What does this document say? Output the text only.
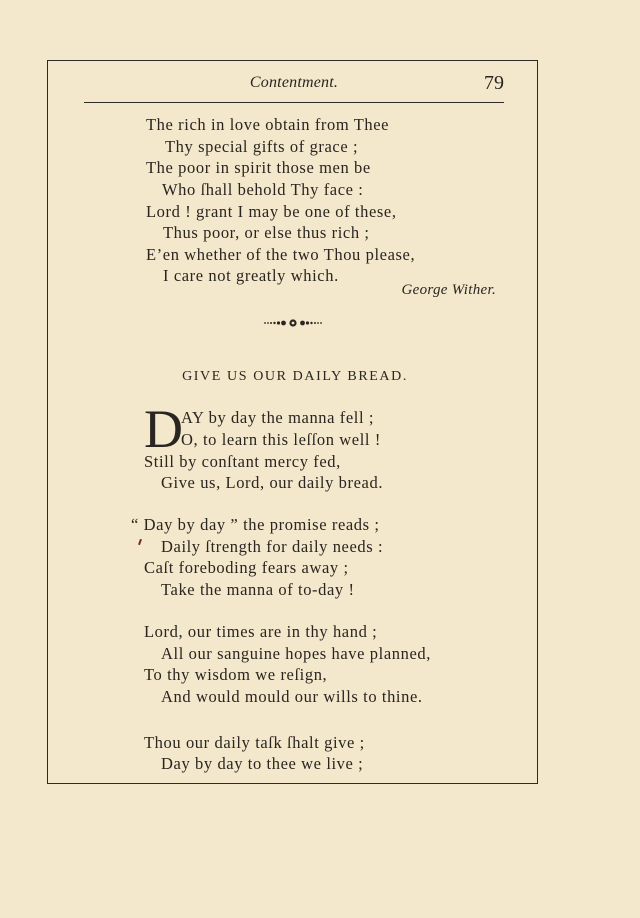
Contentment.	79
The rich in love obtain from Thee
Thy special gifts of grace ;
The poor in spirit those men be
Who ſhall behold Thy face :
Lord ! grant I may be one of these,
Thus poor, or else thus rich ;
E’en whether of the two Thou please,
I care not greatly which.
George Wither.
GIVE US OUR DAILY BREAD.
D
AY by day the manna fell ;
O, to learn this leſſon well !
Still by conſtant mercy fed,
Give us, Lord, our daily bread.
“ Day by day ” the promise reads ;
Daily ſtrength for daily needs :
Caſt foreboding fears away ;
Take the manna of to-day !
Lord, our times are in thy hand ;
All our sanguine hopes have planned,
To thy wisdom we reſign,
And would mould our wills to thine.
Thou our daily taſk ſhalt give ;
Day by day to thee we live ;
